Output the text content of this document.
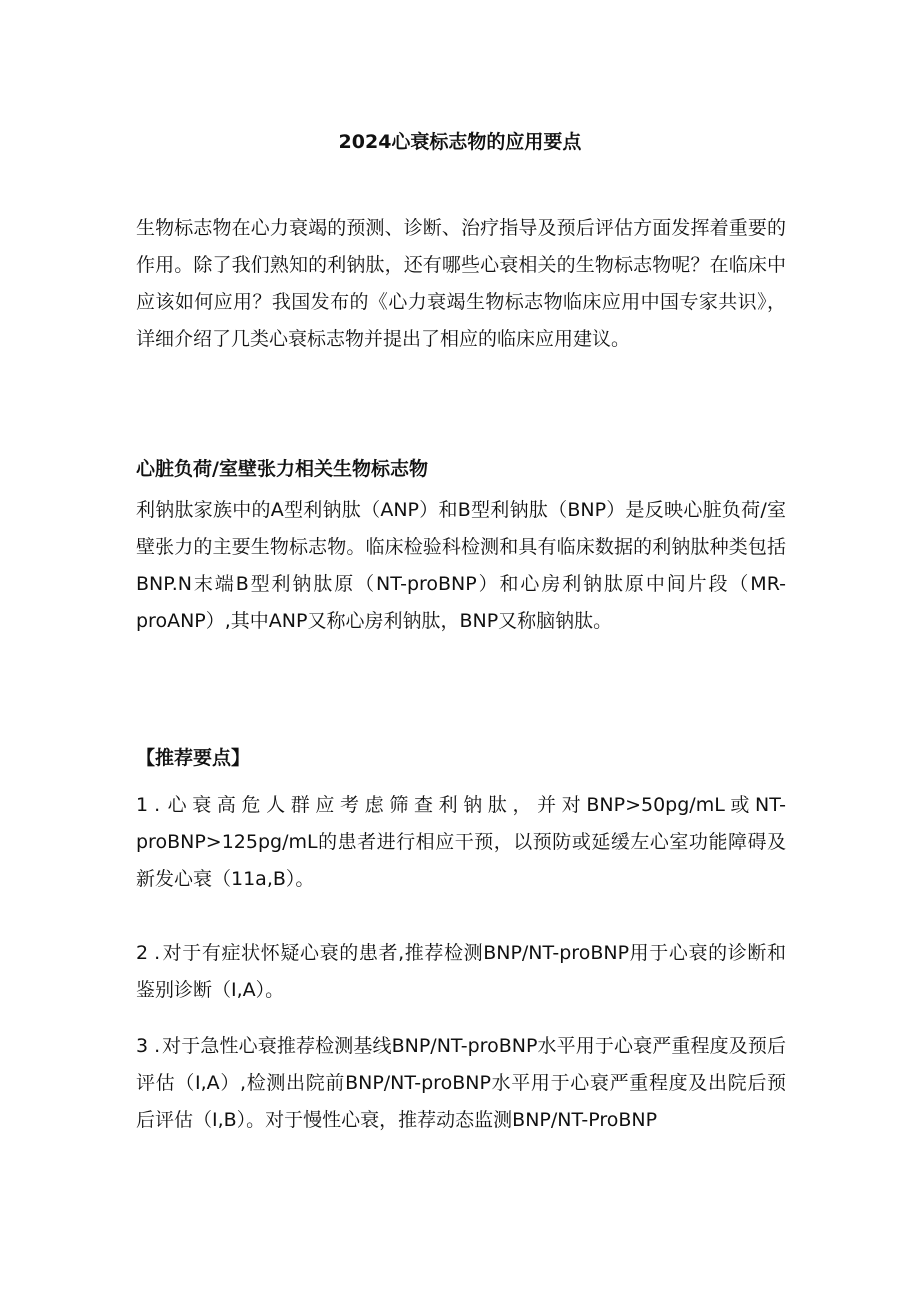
2024心衰标志物的应用要点

生物标志物在心力衰竭的预测、诊断、治疗指导及预后评估方面发挥着重要的作用。除了我们熟知的利钠肽，还有哪些心衰相关的生物标志物呢？在临床中应该如何应用？我国发布的《心力衰竭生物标志物临床应用中国专家共识》，详细介绍了几类心衰标志物并提出了相应的临床应用建议。

心脏负荷/室壁张力相关生物标志物

利钠肽家族中的A型利钠肽（ANP）和B型利钠肽（BNP）是反映心脏负荷/室壁张力的主要生物标志物。临床检验科检测和具有临床数据的利钠肽种类包括BNP.N末端B型利钠肽原（NT-proBNP）和心房利钠肽原中间片段（MR-proANP）,其中ANP又称心房利钠肽，BNP又称脑钠肽。

【推荐要点】

1 .心衰高危人群应考虑筛查利钠肽，并对BNP>50pg/mL或NT-proBNP>125pg/mL的患者进行相应干预，以预防或延缓左心室功能障碍及新发心衰（11a,B）。

2 .对于有症状怀疑心衰的患者,推荐检测BNP/NT-proBNP用于心衰的诊断和鉴别诊断（I,A）。

3 .对于急性心衰推荐检测基线BNP/NT-proBNP水平用于心衰严重程度及预后评估（I,A）,检测出院前BNP/NT-proBNP水平用于心衰严重程度及出院后预后评估（I,B）。对于慢性心衰，推荐动态监测BNP/NT-ProBNP
